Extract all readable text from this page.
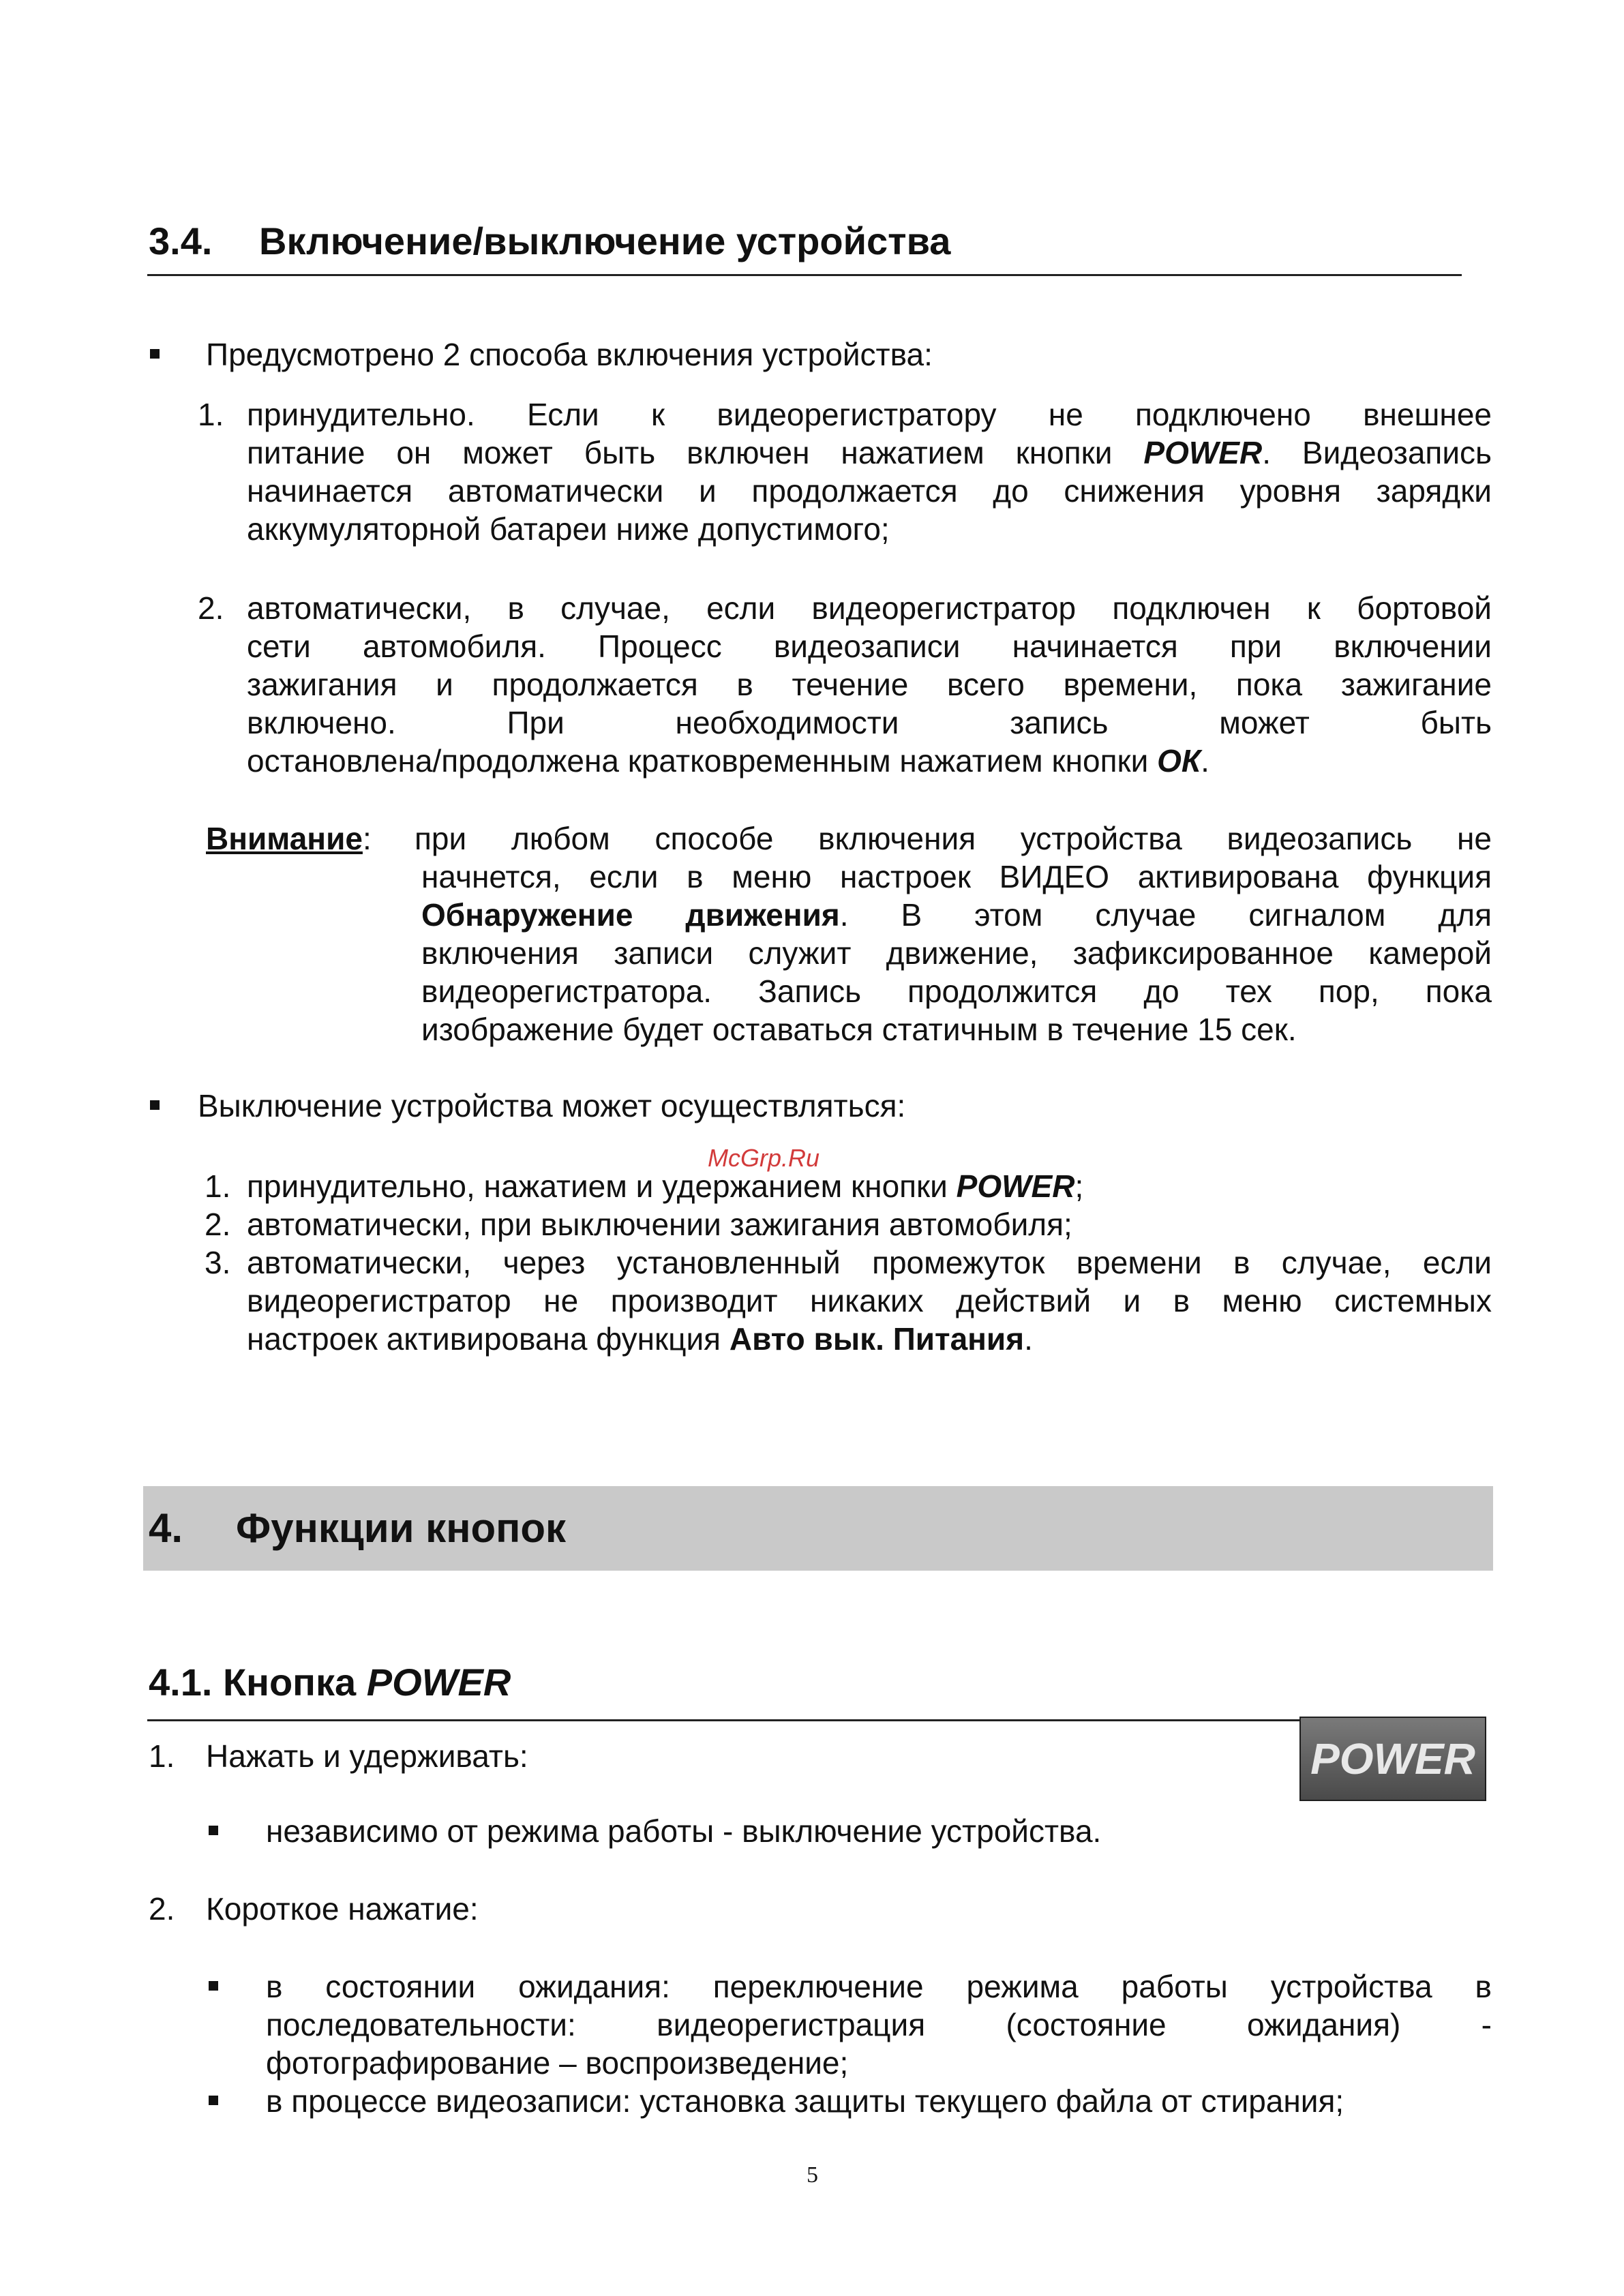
3.4. Включение/выключение устройства
Предусмотрено 2 способа включения устройства:
1. принудительно. Если к видеорегистратору не подключено внешнее
питание он может быть включен нажатием кнопки POWER. Видеозапись
начинается автоматически и продолжается до снижения уровня зарядки
аккумуляторной батареи ниже допустимого;
2. автоматически, в случае, если видеорегистратор подключен к бортовой
сети автомобиля. Процесс видеозаписи начинается при включении
зажигания и продолжается в течение всего времени, пока зажигание
включено. При необходимости запись может быть
остановлена/продолжена кратковременным нажатием кнопки ОК.
Внимание: при любом способе включения устройства видеозапись не
начнется, если в меню настроек ВИДЕО активирована функция
Обнаружение движения. В этом случае сигналом для
включения записи служит движение, зафиксированное камерой
видеорегистратора. Запись продолжится до тех пор, пока
изображение будет оставаться статичным в течение 15 сек.
Выключение устройства может осуществляться:
McGrp.Ru
1. принудительно, нажатием и удержанием кнопки POWER;
2. автоматически, при выключении зажигания автомобиля;
3. автоматически, через установленный промежуток времени в случае, если
видеорегистратор не производит никаких действий и в меню системных
настроек активирована функция Авто вык. Питания.
4. Функции кнопок
4.1. Кнопка POWER
POWER
1. Нажать и удерживать:
независимо от режима работы - выключение устройства.
2. Короткое нажатие:
в состоянии ожидания: переключение режима работы устройства в
последовательности: видеорегистрация (состояние ожидания) -
фотографирование – воспроизведение;
в процессе видеозаписи: установка защиты текущего файла от стирания;
5
